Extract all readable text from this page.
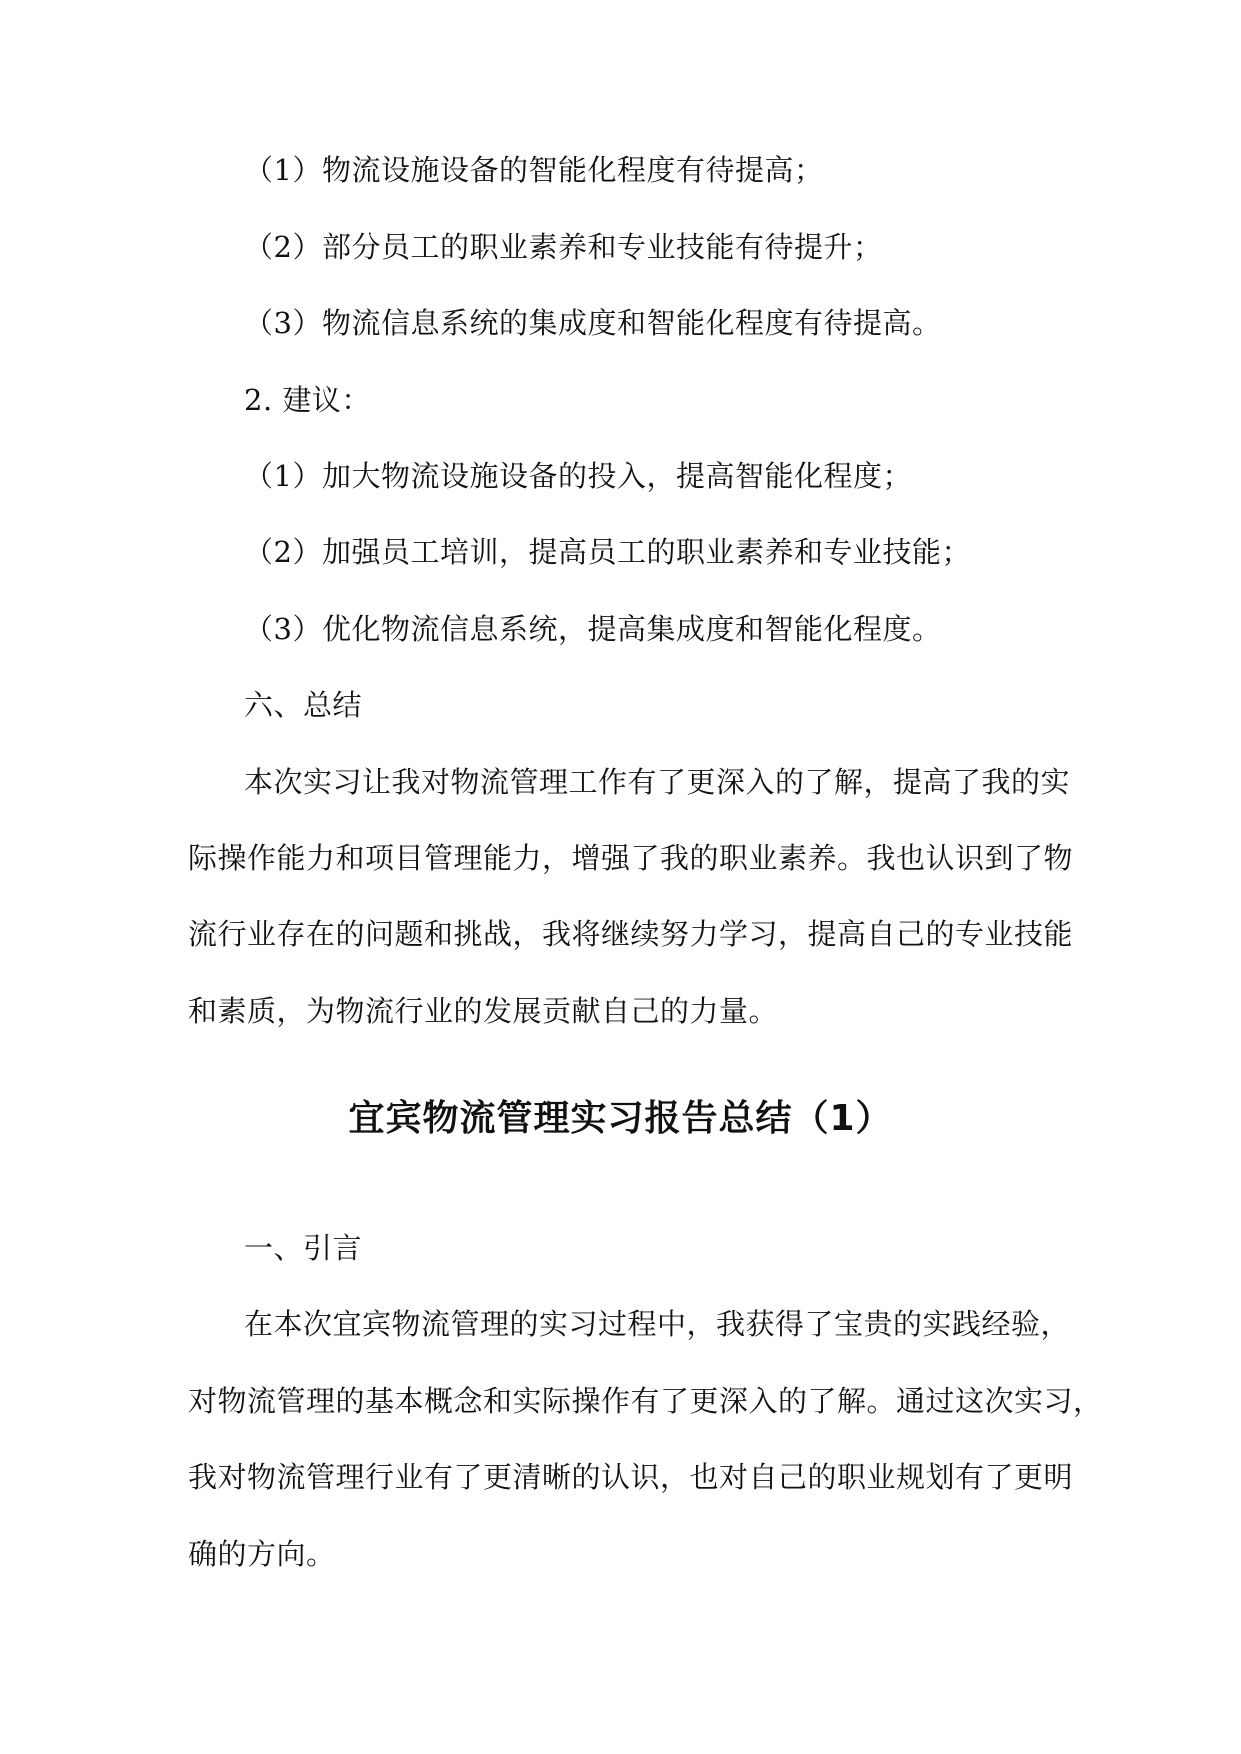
（1）物流设施设备的智能化程度有待提高；
（2）部分员工的职业素养和专业技能有待提升；
（3）物流信息系统的集成度和智能化程度有待提高。
2. 建议：
（1）加大物流设施设备的投入，提高智能化程度；
（2）加强员工培训，提高员工的职业素养和专业技能；
（3）优化物流信息系统，提高集成度和智能化程度。
六、总结
本次实习让我对物流管理工作有了更深入的了解，提高了我的实
际操作能力和项目管理能力，增强了我的职业素养。我也认识到了物
流行业存在的问题和挑战，我将继续努力学习，提高自己的专业技能
和素质，为物流行业的发展贡献自己的力量。
宜宾物流管理实习报告总结（1）
一、引言
在本次宜宾物流管理的实习过程中，我获得了宝贵的实践经验，
对物流管理的基本概念和实际操作有了更深入的了解。通过这次实习，
我对物流管理行业有了更清晰的认识，也对自己的职业规划有了更明
确的方向。
